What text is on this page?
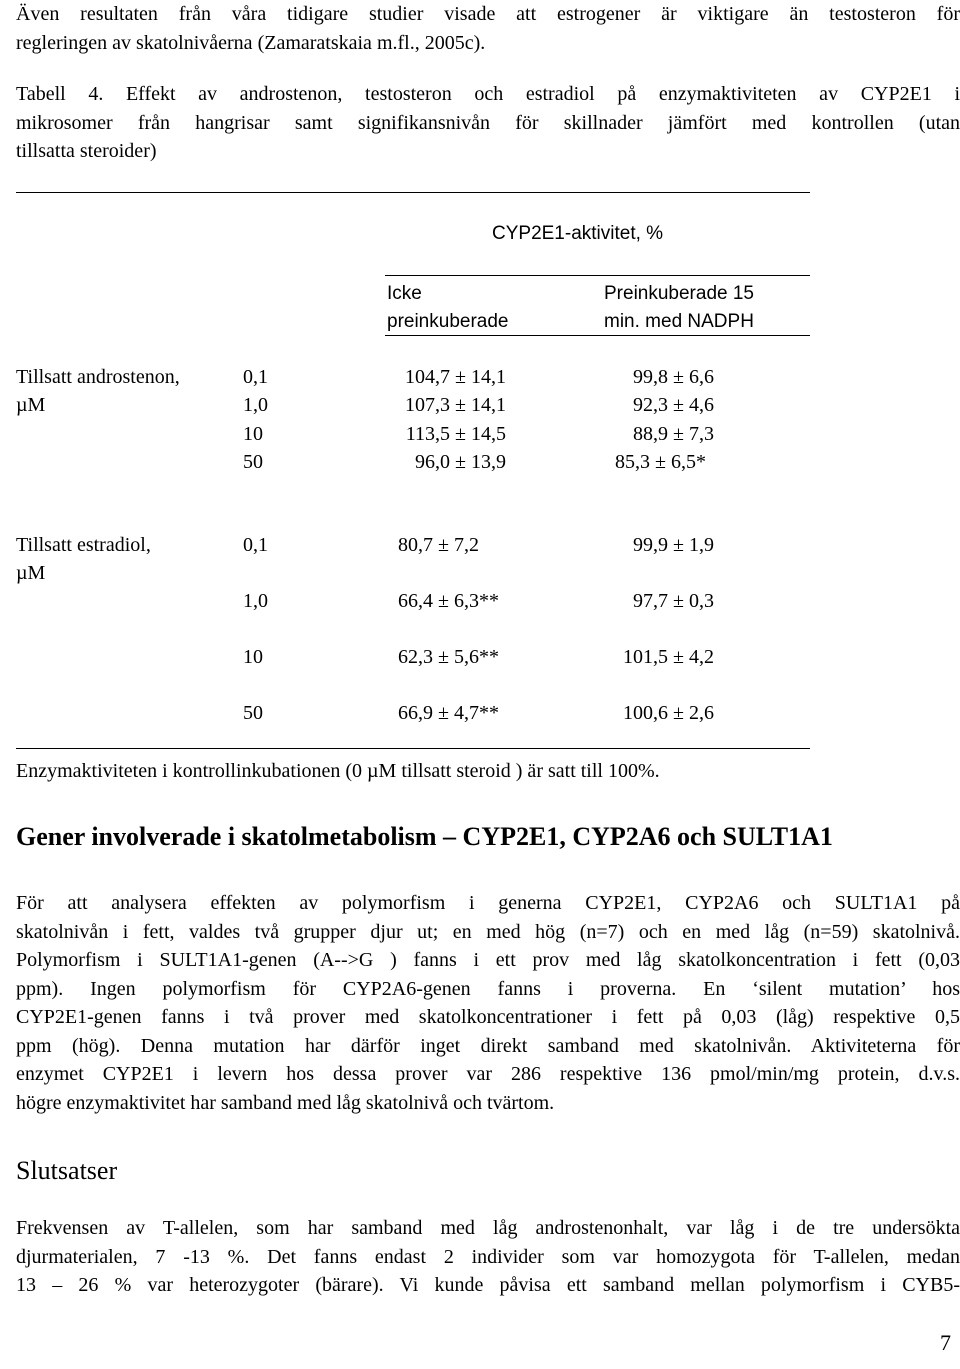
Även resultaten från våra tidigare studier visade att estrogener är viktigare än testosteron för
regleringen av skatolnivåerna (Zamaratskaia m.fl., 2005c).
Tabell 4. Effekt av androstenon, testosteron och estradiol på enzymaktiviteten av CYP2E1 i
mikrosomer från hangrisar samt signifikansnivån för skillnader jämfört med kontrollen (utan
tillsatta steroider)
CYP2E1-aktivitet, %
Icke
preinkuberade
Preinkuberade 15
min. med NADPH
Tillsatt androstenon,
µM
0,1	104,7 ± 14,1	99,8 ± 6,6
1,0	107,3 ± 14,1	92,3 ± 4,6
10	113,5 ± 14,5	88,9 ± 7,3
50	96,0 ± 13,9	85,3 ± 6,5*
Tillsatt estradiol,
µM
0,1	80,7 ± 7,2	99,9 ± 1,9
1,0	66,4 ± 6,3**	97,7 ± 0,3
10	62,3 ± 5,6**	101,5 ± 4,2
50	66,9 ± 4,7**	100,6 ± 2,6
Enzymaktiviteten i kontrollinkubationen (0 µM tillsatt steroid ) är satt till 100%.
Gener involverade i skatolmetabolism – CYP2E1, CYP2A6 och SULT1A1
För att analysera effekten av polymorfism i generna CYP2E1, CYP2A6 och SULT1A1 på
skatolnivån i fett, valdes två grupper djur ut; en med hög (n=7) och en med låg (n=59) skatolnivå.
Polymorfism i SULT1A1-genen (A-->G ) fanns i ett prov med låg skatolkoncentration i fett (0,03
ppm). Ingen polymorfism för CYP2A6-genen fanns i proverna. En ‘silent mutation’ hos
CYP2E1-genen fanns i två prover med skatolkoncentrationer i fett på 0,03 (låg) respektive 0,5
ppm (hög). Denna mutation har därför inget direkt samband med skatolnivån. Aktiviteterna för
enzymet CYP2E1 i levern hos dessa prover var 286 respektive 136 pmol/min/mg protein, d.v.s.
högre enzymaktivitet har samband med låg skatolnivå och tvärtom.
Slutsatser
Frekvensen av T-allelen, som har samband med låg androstenonhalt, var låg i de tre undersökta
djurmaterialen, 7 -13 %. Det fanns endast 2 individer som var homozygota för T-allelen, medan
13 – 26 % var heterozygoter (bärare). Vi kunde påvisa ett samband mellan polymorfism i CYB5-
7
